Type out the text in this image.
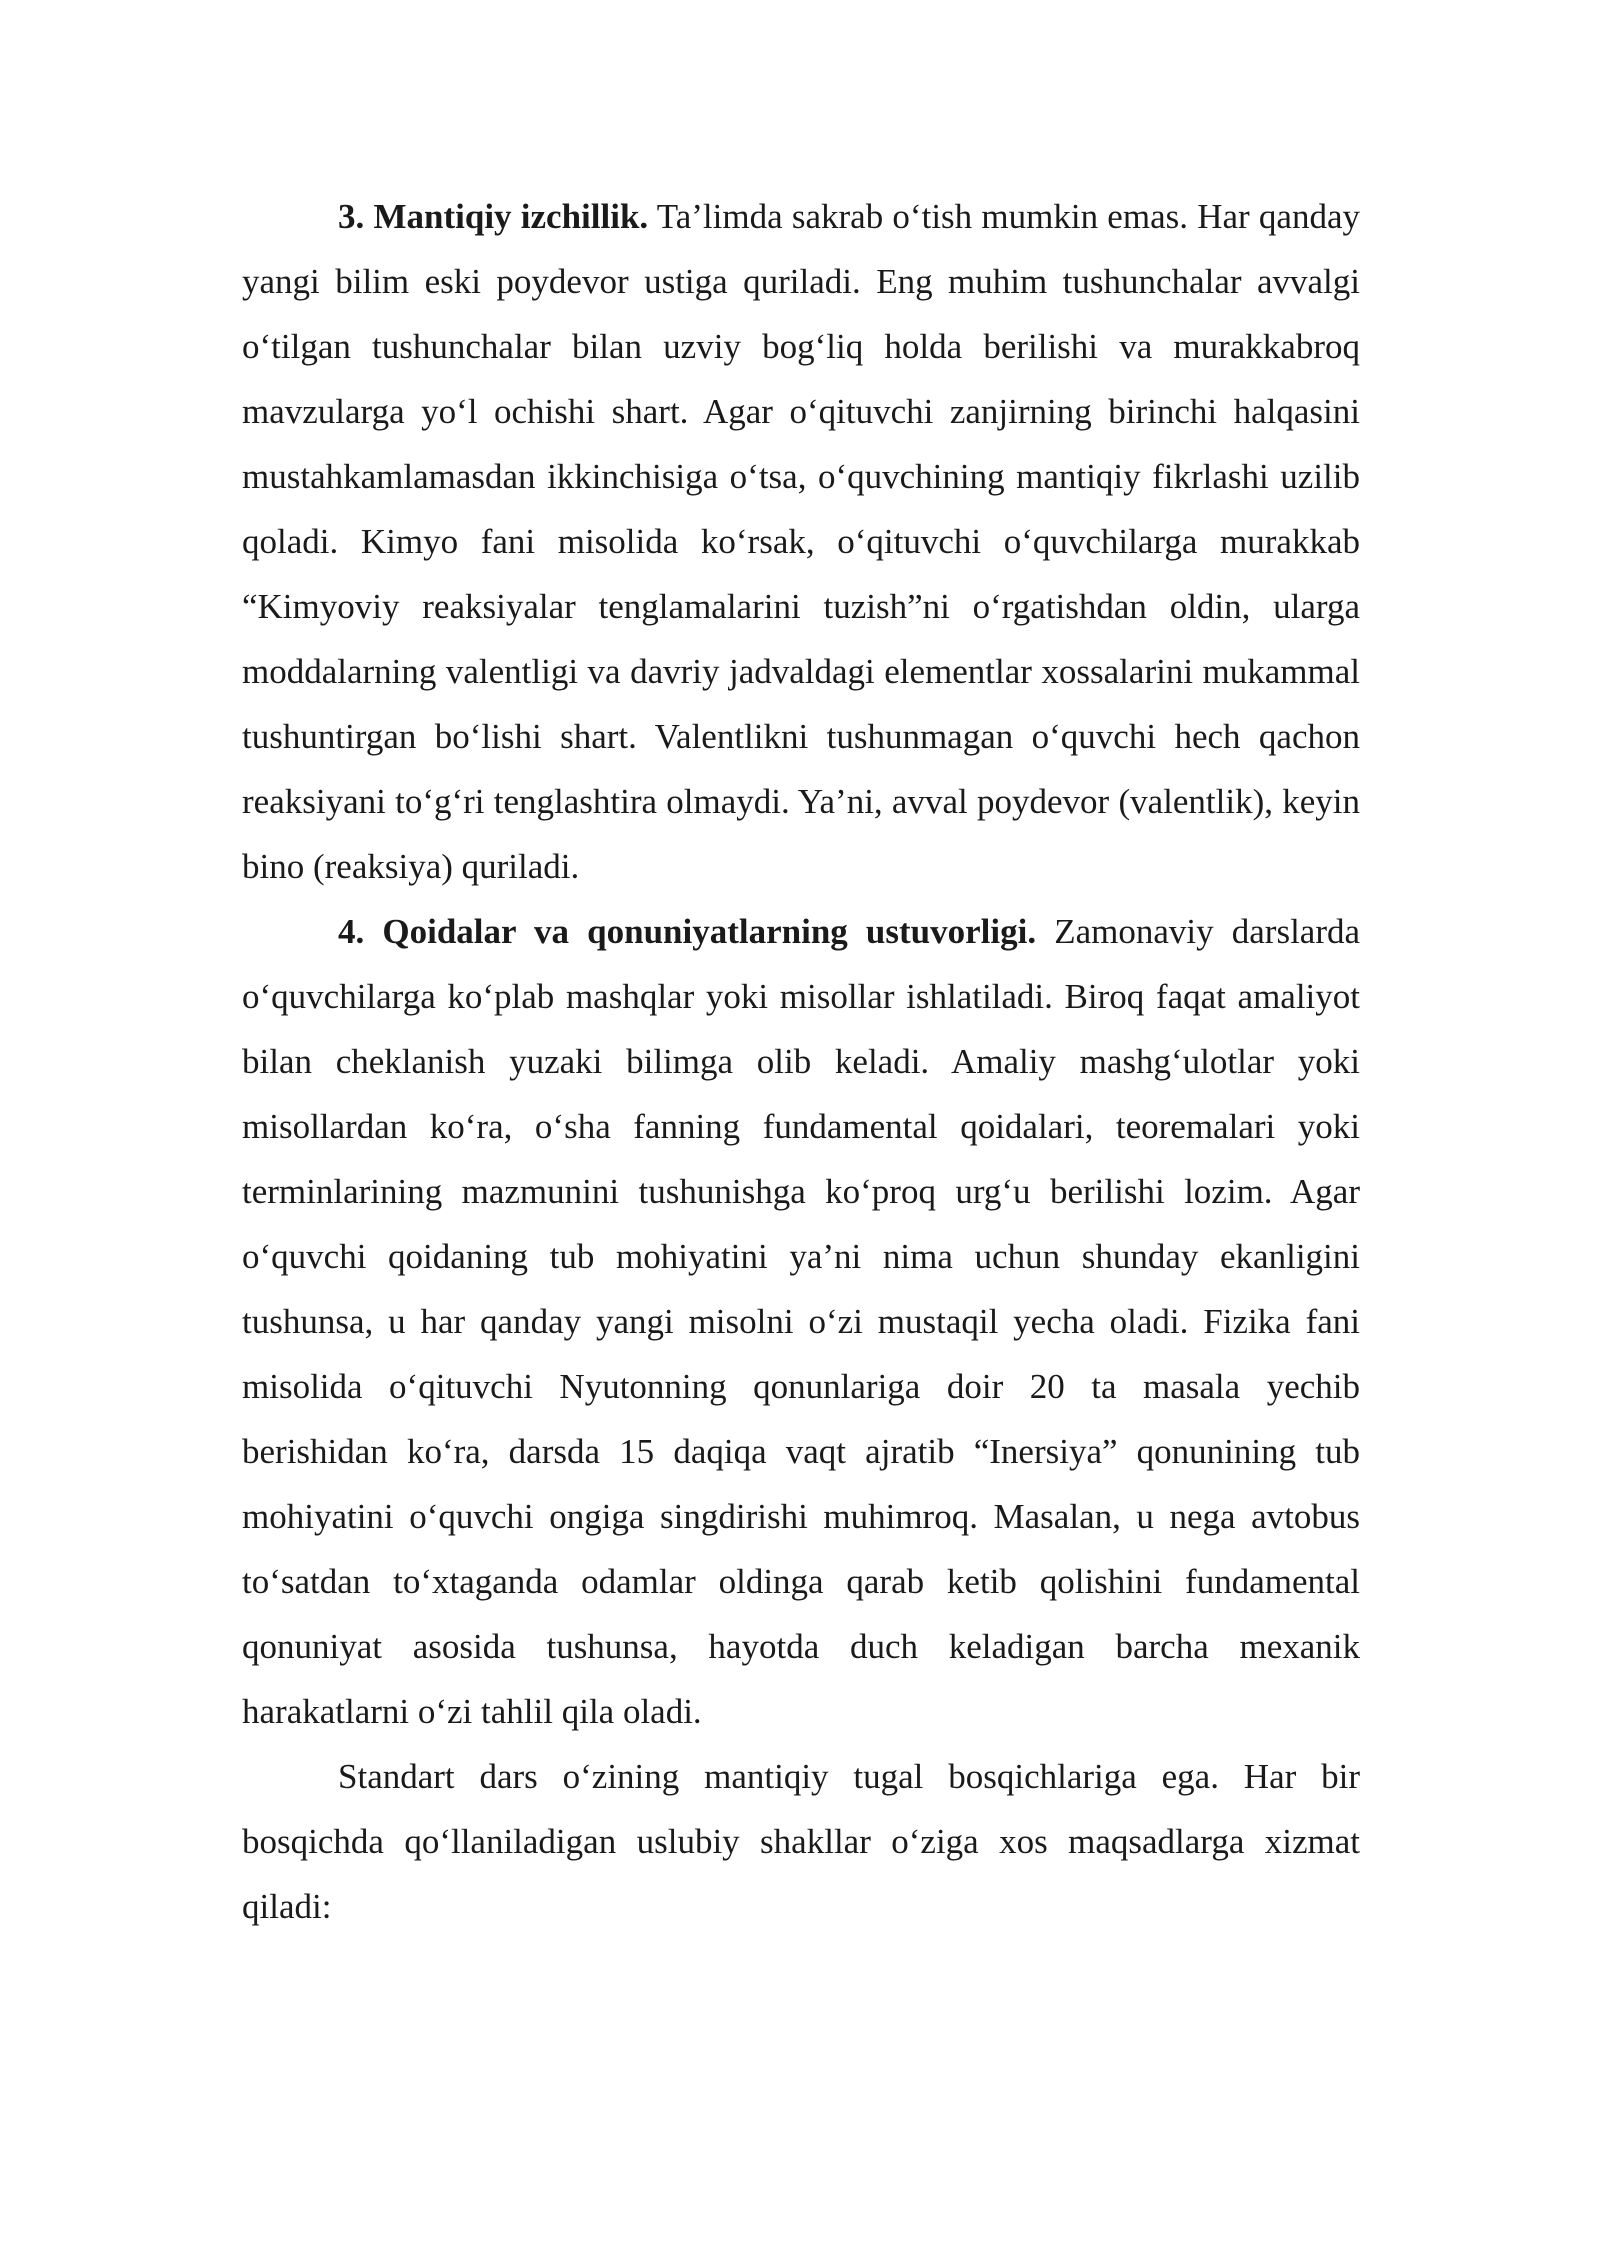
3. Mantiqiy izchillik. Ta’limda sakrab o‘tish mumkin emas. Har qanday yangi bilim eski poydevor ustiga quriladi. Eng muhim tushunchalar avvalgi o‘tilgan tushunchalar bilan uzviy bog‘liq holda berilishi va murakkabroq mavzularga yo‘l ochishi shart. Agar o‘qituvchi zanjirning birinchi halqasini mustahkamlamasdan ikkinchisiga o‘tsa, o‘quvchining mantiqiy fikrlashi uzilib qoladi. Kimyo fani misolida ko‘rsak, o‘qituvchi o‘quvchilarga murakkab “Kimyoviy reaksiyalar tenglamalarini tuzish”ni o‘rgatishdan oldin, ularga moddalarning valentligi va davriy jadvaldagi elementlar xossalarini mukammal tushuntirgan bo‘lishi shart. Valentlikni tushunmagan o‘quvchi hech qachon reaksiyani to‘g‘ri tenglashtira olmaydi. Ya’ni, avval poydevor (valentlik), keyin bino (reaksiya) quriladi.

4. Qoidalar va qonuniyatlarning ustuvorligi. Zamonaviy darslarda o‘quvchilarga ko‘plab mashqlar yoki misollar ishlatiladi. Biroq faqat amaliyot bilan cheklanish yuzaki bilimga olib keladi. Amaliy mashg‘ulotlar yoki misollardan ko‘ra, o‘sha fanning fundamental qoidalari, teoremalari yoki terminlarining mazmunini tushunishga ko‘proq urg‘u berilishi lozim. Agar o‘quvchi qoidaning tub mohiyatini ya’ni nima uchun shunday ekanligini tushunsa, u har qanday yangi misolni o‘zi mustaqil yecha oladi. Fizika fani misolida o‘qituvchi Nyutonning qonunlariga doir 20 ta masala yechib berishidan ko‘ra, darsda 15 daqiqa vaqt ajratib “Inersiya” qonunining tub mohiyatini o‘quvchi ongiga singdirishi muhimroq. Masalan, u nega avtobus to‘satdan to‘xtaganda odamlar oldinga qarab ketib qolishini fundamental qonuniyat asosida tushunsa, hayotda duch keladigan barcha mexanik harakatlarni o‘zi tahlil qila oladi.

Standart dars o‘zining mantiqiy tugal bosqichlariga ega. Har bir bosqichda qo‘llaniladigan uslubiy shakllar o‘ziga xos maqsadlarga xizmat qiladi:
